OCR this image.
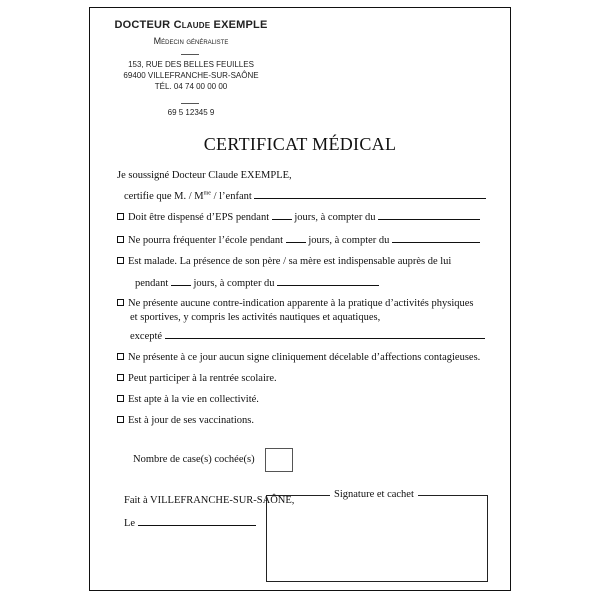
DOCTEUR Claude EXEMPLE
Médecin généraliste
153, RUE DES BELLES FEUILLES
69400 VILLEFRANCHE-SUR-SAÔNE
TÉL. 04 74 00 00 00
69 5 12345 9
CERTIFICAT MÉDICAL
Je soussigné Docteur Claude EXEMPLE,
certifie que M. / $M^{me}$ / l’enfant
Doit être dispensé d’EPS pendant  jours, à compter du
Ne pourra fréquenter l’école pendant  jours, à compter du
Est malade. La présence de son père / sa mère est indispensable auprès de lui
pendant  jours, à compter du
Ne présente aucune contre-indication apparente à la pratique d’activités physiques
et sportives, y compris les activités nautiques et aquatiques,
excepté
Ne présente à ce jour aucun signe cliniquement décelable d’affections contagieuses.
Peut participer à la rentrée scolaire.
Est apte à la vie en collectivité.
Est à jour de ses vaccinations.
Nombre de case(s) cochée(s)
Fait à VILLEFRANCHE-SUR-SAÔNE,
Le
Signature et cachet
